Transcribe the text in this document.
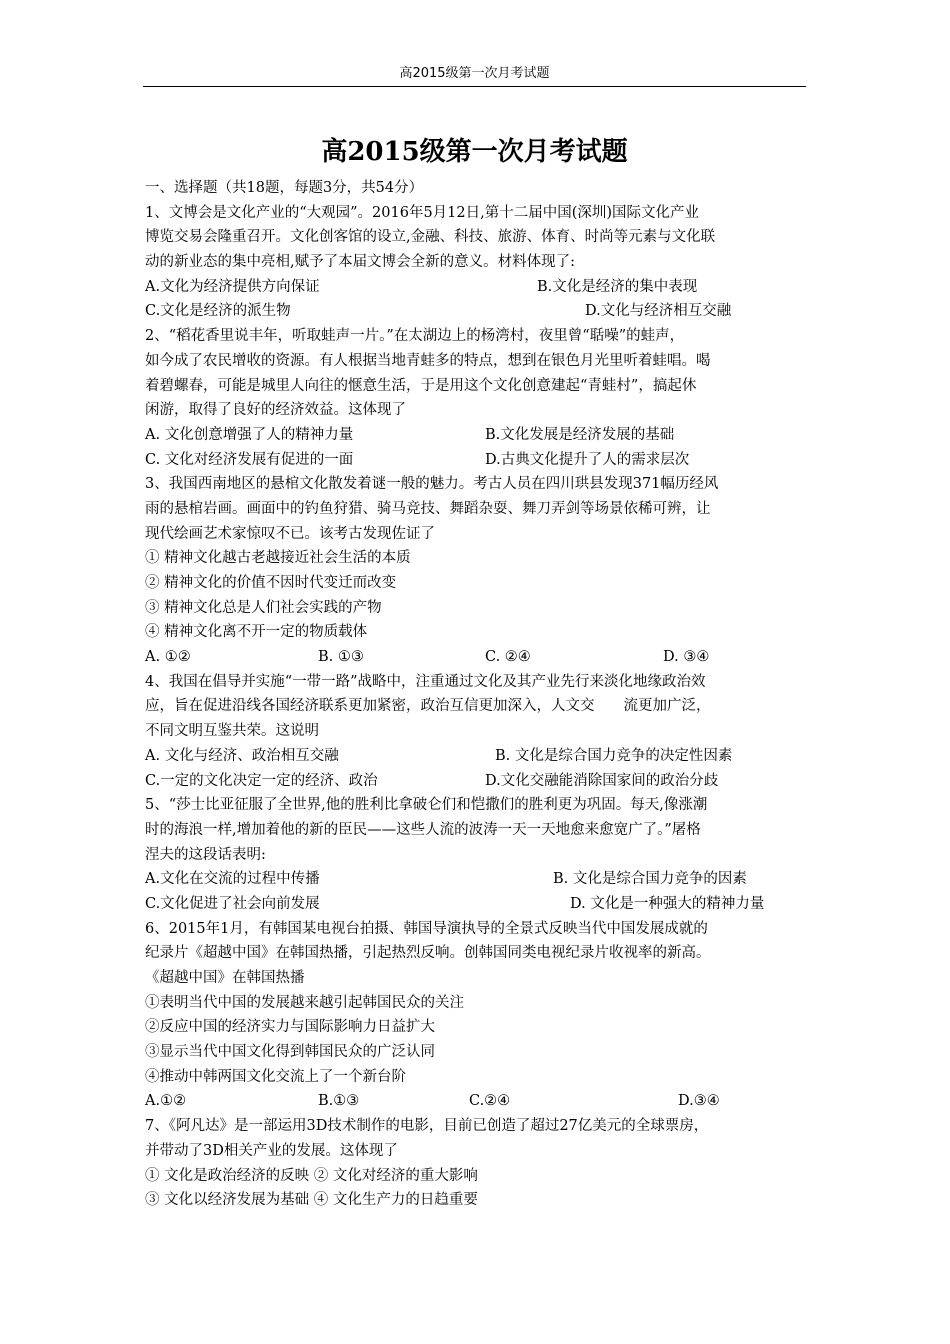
高2015级第一次月考试题
高2015级第一次月考试题
一、选择题（共18题，每题3分，共54分）
1、文博会是文化产业的“大观园”。2016年5月12日,第十二届中国(深圳)国际文化产业
博览交易会隆重召开。文化创客馆的设立,金融、科技、旅游、体育、时尚等元素与文化联
动的新业态的集中亮相,赋予了本届文博会全新的意义。材料体现了:
A.文化为经济提供方向保证	B.文化是经济的集中表现
C.文化是经济的派生物	D.文化与经济相互交融
2、“稻花香里说丰年，听取蛙声一片。”在太湖边上的杨湾村，夜里曾“聒噪”的蛙声，
如今成了农民增收的资源。有人根据当地青蛙多的特点，想到在银色月光里听着蛙唱。喝
着碧螺春，可能是城里人向往的惬意生活，于是用这个文化创意建起“青蛙村”，搞起休
闲游，取得了良好的经济效益。这体现了
A. 文化创意增强了人的精神力量	B.文化发展是经济发展的基础
C. 文化对经济发展有促进的一面	D.古典文化提升了人的需求层次
3、我国西南地区的悬棺文化散发着谜一般的魅力。考古人员在四川珙县发现371幅历经风
雨的悬棺岩画。画面中的钓鱼狩猎、骑马竞技、舞蹈杂耍、舞刀弄剑等场景依稀可辨，让
现代绘画艺术家惊叹不已。该考古发现佐证了
① 精神文化越古老越接近社会生活的本质
② 精神文化的价值不因时代变迁而改变
③ 精神文化总是人们社会实践的产物
④ 精神文化离不开一定的物质载体
A. ①②	B. ①③	C. ②④	D. ③④
4、我国在倡导并实施“一带一路”战略中，注重通过文化及其产业先行来淡化地缘政治效
应，旨在促进沿线各国经济联系更加紧密，政治互信更加深入，人文交　　流更加广泛，
不同文明互鉴共荣。这说明
A. 文化与经济、政治相互交融	B. 文化是综合国力竞争的决定性因素
C.一定的文化决定一定的经济、政治	D.文化交融能消除国家间的政治分歧
5、“莎士比亚征服了全世界,他的胜利比拿破仑们和恺撒们的胜利更为巩固。每天,像涨潮
时的海浪一样,增加着他的新的臣民——这些人流的波涛一天一天地愈来愈宽广了。”屠格
涅夫的这段话表明:
A.文化在交流的过程中传播	B. 文化是综合国力竞争的因素
C.文化促进了社会向前发展	D. 文化是一种强大的精神力量
6、2015年1月，有韩国某电视台拍摄、韩国导演执导的全景式反映当代中国发展成就的
纪录片《超越中国》在韩国热播，引起热烈反响。创韩国同类电视纪录片收视率的新高。
《超越中国》在韩国热播
①表明当代中国的发展越来越引起韩国民众的关注
②反应中国的经济实力与国际影响力日益扩大
③显示当代中国文化得到韩国民众的广泛认同
④推动中韩两国文化交流上了一个新台阶
A.①②	B.①③	C.②④	D.③④
7、《阿凡达》是一部运用3D技术制作的电影，目前已创造了超过27亿美元的全球票房，
并带动了3D相关产业的发展。这体现了
① 文化是政治经济的反映 ② 文化对经济的重大影响
③ 文化以经济发展为基础 ④ 文化生产力的日趋重要
